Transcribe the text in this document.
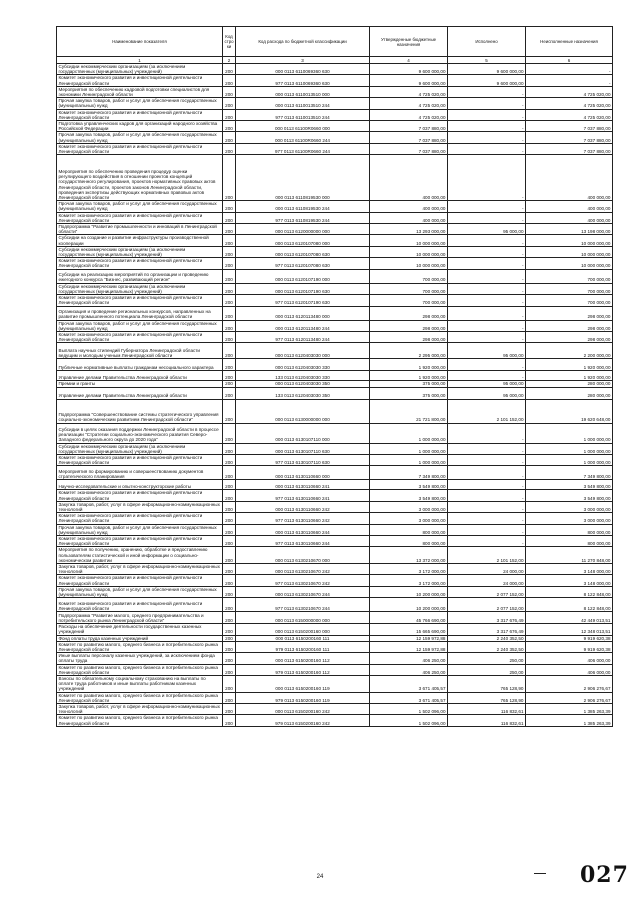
Наименование показателя	Код стро ки	Код расхода по бюджетной классификации	Утвержденные бюджетные назначения	Исполнено	Неисполненные назначения
1	2	3	4	5	6
Субсидии некоммерческим организациям (за исключением государственных (муниципальных) учреждений)	200	000 0113 6110069360 630	9 600 000,00	9 600 000,00	-
Комитет экономического развития и инвестиционной деятельности Ленинградской области	200	977 0113 6110069360 630	9 600 000,00	9 600 000,00	-
Мероприятия по обеспечению кадровой подготовки специалистов для экономики Ленинградской области	200	000 0113 6110013510 000	4 725 020,00	-	4 725 020,00
Прочая закупка товаров, работ и услуг для обеспечения государственных (муниципальных) нужд	200	000 0113 6110013510 244	4 725 020,00	-	4 725 020,00
Комитет экономического развития и инвестиционной деятельности Ленинградской области	200	977 0113 6110013510 244	4 725 020,00	-	4 725 020,00
Подготовка управленческих кадров для организаций народного хозяйства Российской Федерации	200	000 0113 61100R0660 000	7 037 880,00	-	7 037 880,00
Прочая закупка товаров, работ и услуг для обеспечения государственных (муниципальных) нужд	200	000 0113 61100R0660 244	7 037 880,00	-	7 037 880,00
Комитет экономического развития и инвестиционной деятельности Ленинградской области	200	977 0113 61100R0660 244	7 037 880,00	-	7 037 880,00
Мероприятия по обеспечению проведения процедур оценки регулирующего воздействия в отношении проектов концепций государственного регулирования, проектов нормативных правовых актов Ленинградской области, проектов законов Ленинградской области, проведения экспертизы действующих нормативных правовых актов Ленинградской области	200	000 0113 6110819530 000	400 000,00	-	400 000,00
Прочая закупка товаров, работ и услуг для обеспечения государственных (муниципальных) нужд	200	000 0113 6110819530 244	400 000,00	-	400 000,00
Комитет экономического развития и инвестиционной деятельности Ленинградской области	200	977 0113 6110819530 244	400 000,00	-	400 000,00
Подпрограмма "Развитие промышленности и инноваций в Ленинградской области"	200	000 0113 6120000000 000	13 293 000,00	95 000,00	13 198 000,00
Субсидии на создание и развитие инфраструктуры производственной кооперации	200	000 0113 6120107080 000	10 000 000,00	-	10 000 000,00
Субсидии некоммерческим организациям (за исключением государственных (муниципальных) учреждений)	200	000 0113 6120107080 630	10 000 000,00	-	10 000 000,00
Комитет экономического развития и инвестиционной деятельности Ленинградской области	200	977 0113 6120107080 630	10 000 000,00	-	10 000 000,00
Субсидии на реализацию мероприятий по организации и проведению ежегодного конкурса "Бизнес, развивающий регион"	200	000 0113 6120107190 000	700 000,00	-	700 000,00
Субсидии некоммерческим организациям (за исключением государственных (муниципальных) учреждений)	200	000 0113 6120107190 630	700 000,00	-	700 000,00
Комитет экономического развития и инвестиционной деятельности Ленинградской области	200	977 0113 6120107190 630	700 000,00	-	700 000,00
Организация и проведение региональных конкурсов, направленных на развитие промышленного потенциала Ленинградской области	200	000 0113 6120113480 000	298 000,00	-	298 000,00
Прочая закупка товаров, работ и услуг для обеспечения государственных (муниципальных) нужд	200	000 0113 6120113480 244	298 000,00	-	298 000,00
Комитет экономического развития и инвестиционной деятельности Ленинградской области	200	977 0113 6120113480 244	298 000,00	-	298 000,00
Выплата научных стипендий Губернатора Ленинградской области ведущим и молодым ученым Ленинградской области	200	000 0113 6120403030 000	2 295 000,00	95 000,00	2 200 000,00
Публичные нормативные выплаты гражданам несоциального характера	200	000 0113 6120403030 330	1 920 000,00	-	1 920 000,00
Управление делами Правительства Ленинградской области	200	133 0113 6120403030 330	1 920 000,00	-	1 920 000,00
Премии и гранты	200	000 0113 6120403030 350	375 000,00	95 000,00	280 000,00
Управление делами Правительства Ленинградской области	200	133 0113 6120403030 350	375 000,00	95 000,00	280 000,00
Подпрограмма "Совершенствование системы стратегического управления социально-экономическим развитием Ленинградской области"	200	000 0113 6130000000 000	21 721 800,00	2 101 152,00	19 620 648,00
Субсидии в целях оказания поддержки Ленинградской области в процессе реализации "Стратегии социально-экономического развития Северо-Западного федерального округа до 2020 года"	200	000 0113 6130107110 000	1 000 000,00	-	1 000 000,00
Субсидии некоммерческим организациям (за исключением государственных (муниципальных) учреждений)	200	000 0113 6130107110 630	1 000 000,00	-	1 000 000,00
Комитет экономического развития и инвестиционной деятельности Ленинградской области	200	977 0113 6130107110 630	1 000 000,00	-	1 000 000,00
Мероприятия по формированию и совершенствованию документов стратегического планирования	200	000 0113 6130110660 000	7 349 800,00	-	7 349 800,00
Научно-исследовательские и опытно-конструкторские работы	200	000 0113 6130110660 241	3 549 800,00	-	3 549 800,00
Комитет экономического развития и инвестиционной деятельности Ленинградской области	200	977 0113 6130110660 241	3 549 800,00	-	3 549 800,00
Закупка товаров, работ, услуг в сфере информационно-коммуникационных технологий	200	000 0113 6130110660 242	3 000 000,00	-	3 000 000,00
Комитет экономического развития и инвестиционной деятельности Ленинградской области	200	977 0113 6130110660 242	3 000 000,00	-	3 000 000,00
Прочая закупка товаров, работ и услуг для обеспечения государственных (муниципальных) нужд	200	000 0113 6130110660 244	800 000,00	-	800 000,00
Комитет экономического развития и инвестиционной деятельности Ленинградской области	200	977 0113 6130110660 244	800 000,00	-	800 000,00
Мероприятия по получению, хранению, обработке и предоставлению пользователям статистической и иной информации о социально-экономическом развитии	200	000 0113 6130210670 000	13 372 000,00	2 101 152,00	11 270 848,00
Закупка товаров, работ, услуг в сфере информационно-коммуникационных технологий	200	000 0113 6130210670 242	3 172 000,00	24 000,00	3 148 000,00
Комитет экономического развития и инвестиционной деятельности Ленинградской области	200	977 0113 6130210670 242	3 172 000,00	24 000,00	3 148 000,00
Прочая закупка товаров, работ и услуг для обеспечения государственных (муниципальных) нужд	200	000 0113 6130210670 244	10 200 000,00	2 077 152,00	8 122 848,00
Комитет экономического развития и инвестиционной деятельности Ленинградской области	200	977 0113 6130210670 244	10 200 000,00	2 077 152,00	8 122 848,00
Подпрограмма "Развитие малого, среднего предпринимательства и потребительского рынка Ленинградской области"	200	000 0113 6150000000 000	45 766 690,00	3 317 676,49	42 449 013,51
Расходы на обеспечение деятельности государственных казенных учреждений	200	000 0113 6150200160 000	15 665 690,00	3 317 676,49	12 348 013,51
Фонд оплаты труда казенных учреждений	200	000 0113 6150200160 111	12 159 972,88	2 240 352,50	9 919 620,38
Комитет по развитию малого, среднего бизнеса и потребительского рынка Ленинградской области	200	979 0113 6150200160 111	12 159 972,88	2 240 352,50	9 919 620,38
Иные выплаты персоналу казенных учреждений, за исключением фонда оплаты труда	200	000 0113 6150200160 112	406 250,00	250,00	406 000,00
Комитет по развитию малого, среднего бизнеса и потребительского рынка Ленинградской области	200	979 0113 6150200160 112	406 250,00	250,00	406 000,00
Взносы по обязательному социальному страхованию на выплаты по оплате труда работников и иные выплаты работникам казенных учреждений	200	000 0113 6150200160 119	3 671 405,57	765 128,90	2 906 276,67
Комитет по развитию малого, среднего бизнеса и потребительского рынка Ленинградской области	200	979 0113 6150200160 119	3 671 405,57	765 128,90	2 906 276,67
Закупка товаров, работ, услуг в сфере информационно-коммуникационных технологий	200	000 0113 6150200160 242	1 502 096,00	116 832,61	1 385 263,39
Комитет по развитию малого, среднего бизнеса и потребительского рынка Ленинградской области	200	979 0113 6150200160 242	1 502 096,00	116 832,61	1 385 263,39
24	027
